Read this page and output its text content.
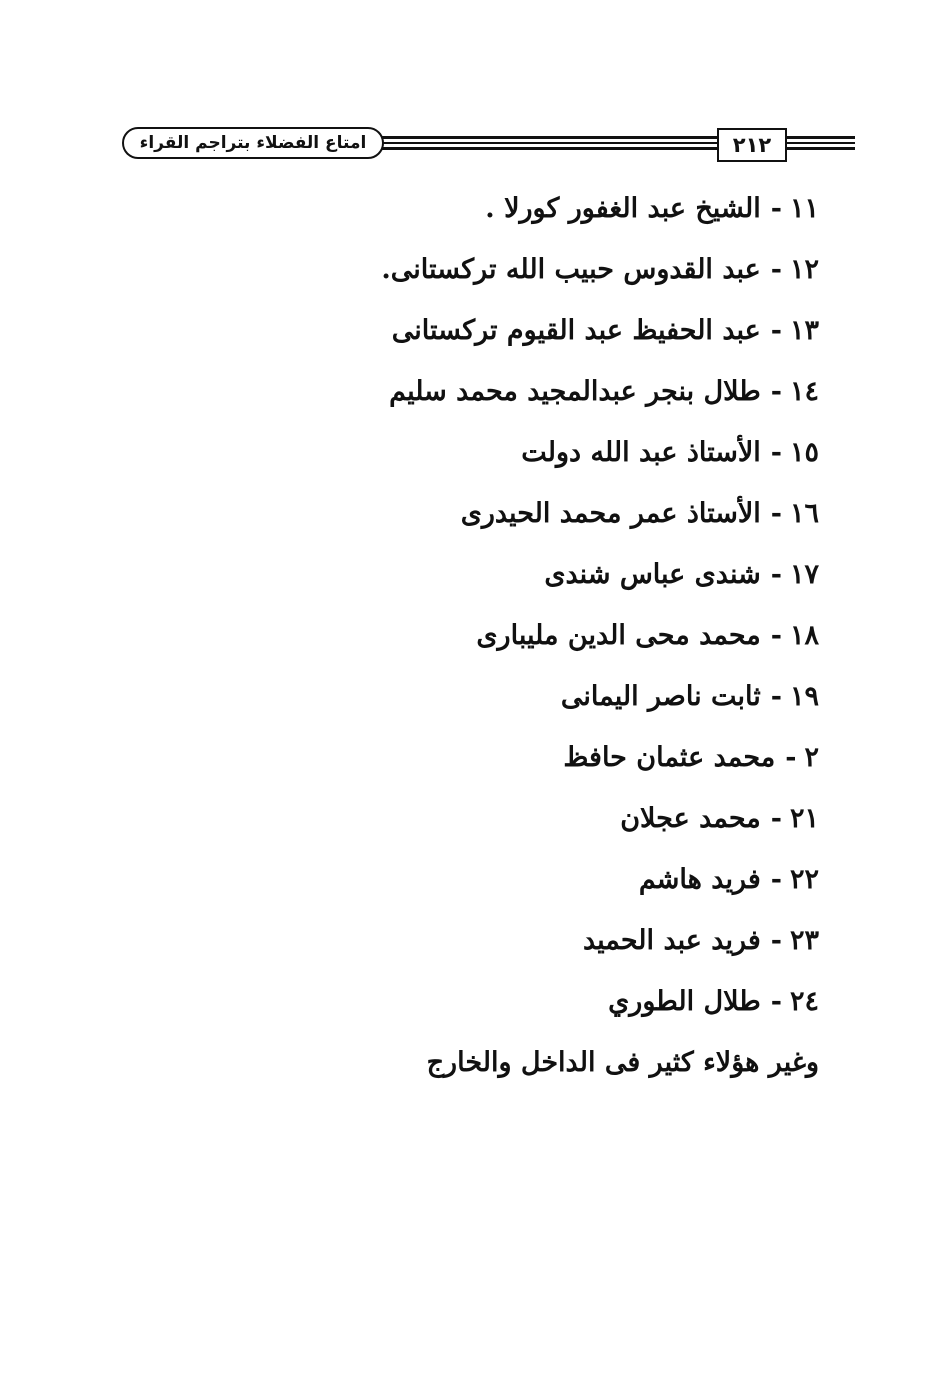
امتاع الفضلاء بتراجم القراء	٢١٢
١١-الشيخ عبد الغفور كورلا .
١٢-عبد القدوس حبيب الله تركستانى.
١٣-عبد الحفيظ عبد القيوم تركستانى
١٤-طلال بنجر عبدالمجيد محمد سليم
١٥-الأستاذ عبد الله دولت
١٦-الأستاذ عمر محمد الحيدرى
١٧-شندى عباس شندى
١٨-محمد محى الدين مليبارى
١٩-ثابت ناصر اليمانى
٢-محمد عثمان حافظ
٢١-محمد عجلان
٢٢-فريد هاشم
٢٣-فريد عبد الحميد
٢٤-طلال الطوري
وغير هؤلاء كثير فى الداخل والخارج
